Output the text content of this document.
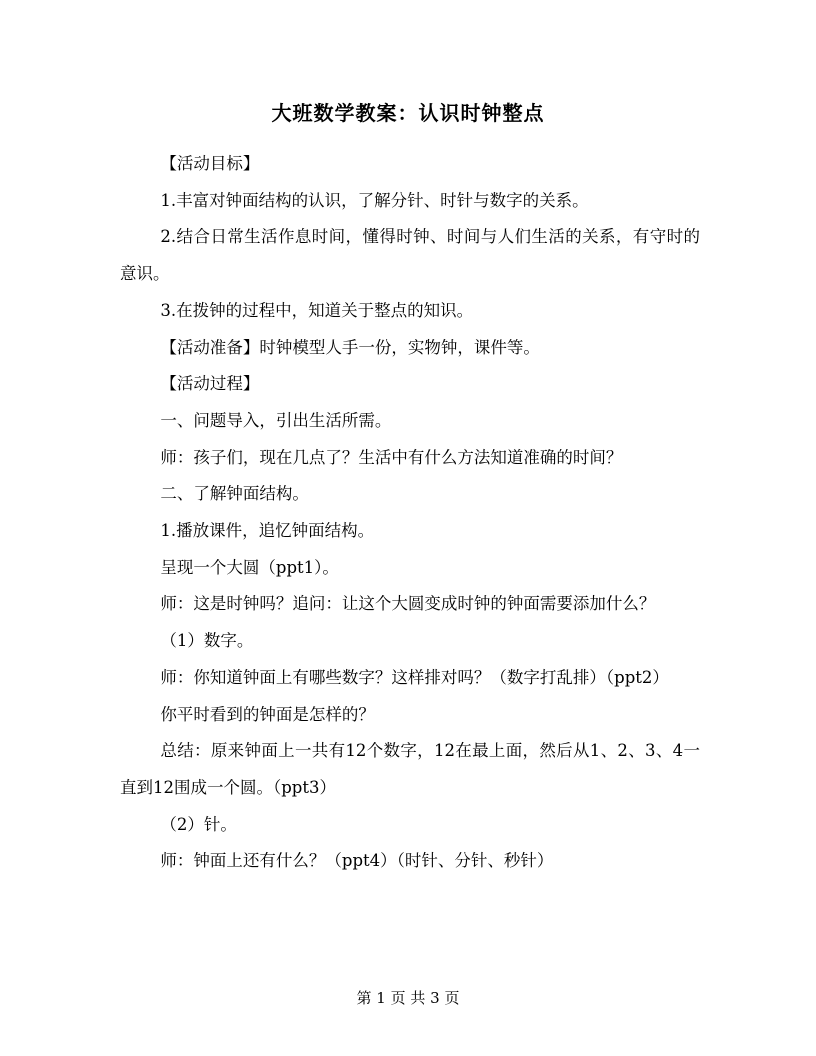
大班数学教案：认识时钟整点

【活动目标】

1.丰富对钟面结构的认识，了解分针、时针与数字的关系。

2.结合日常生活作息时间，懂得时钟、时间与人们生活的关系，有守时的意识。

3.在拨钟的过程中，知道关于整点的知识。

【活动准备】时钟模型人手一份，实物钟，课件等。

【活动过程】

一、问题导入，引出生活所需。

师：孩子们，现在几点了？生活中有什么方法知道准确的时间？

二、了解钟面结构。

1.播放课件，追忆钟面结构。

呈现一个大圆（ppt1）。

师：这是时钟吗？追问：让这个大圆变成时钟的钟面需要添加什么？

（1）数字。

师：你知道钟面上有哪些数字？这样排对吗？（数字打乱排）（ppt2）

你平时看到的钟面是怎样的？

总结：原来钟面上一共有12个数字，12在最上面，然后从1、2、3、4一直到12围成一个圆。（ppt3）

（2）针。

师：钟面上还有什么？（ppt4）（时针、分针、秒针）

第 1 页 共 3 页
